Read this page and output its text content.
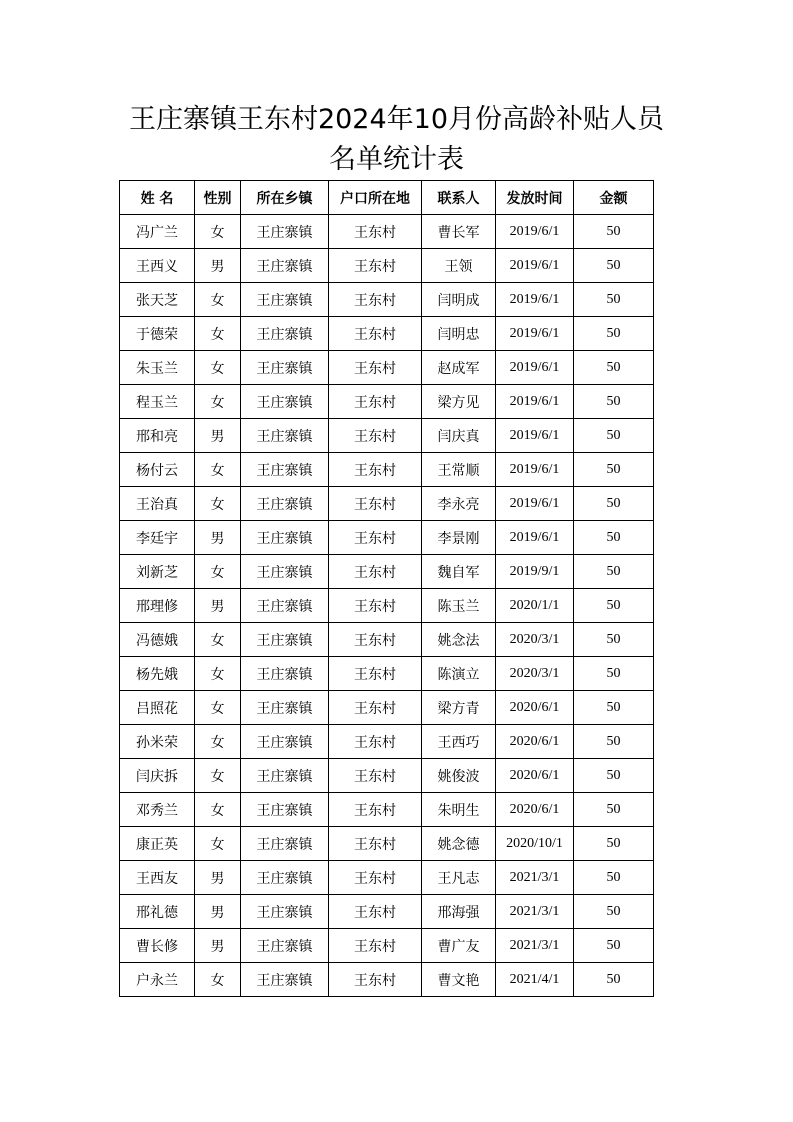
王庄寨镇王东村2024年10月份高龄补贴人员
名单统计表
姓 名	性别	所在乡镇	户口所在地	联系人	发放时间	金额
冯广兰	女	王庄寨镇	王东村	曹长军	2019/6/1	50
王西义	男	王庄寨镇	王东村	王领	2019/6/1	50
张天芝	女	王庄寨镇	王东村	闫明成	2019/6/1	50
于德荣	女	王庄寨镇	王东村	闫明忠	2019/6/1	50
朱玉兰	女	王庄寨镇	王东村	赵成军	2019/6/1	50
程玉兰	女	王庄寨镇	王东村	梁方见	2019/6/1	50
邢和亮	男	王庄寨镇	王东村	闫庆真	2019/6/1	50
杨付云	女	王庄寨镇	王东村	王常顺	2019/6/1	50
王治真	女	王庄寨镇	王东村	李永亮	2019/6/1	50
李廷宇	男	王庄寨镇	王东村	李景刚	2019/6/1	50
刘新芝	女	王庄寨镇	王东村	魏自军	2019/9/1	50
邢理修	男	王庄寨镇	王东村	陈玉兰	2020/1/1	50
冯德娥	女	王庄寨镇	王东村	姚念法	2020/3/1	50
杨先娥	女	王庄寨镇	王东村	陈演立	2020/3/1	50
吕照花	女	王庄寨镇	王东村	梁方青	2020/6/1	50
孙米荣	女	王庄寨镇	王东村	王西巧	2020/6/1	50
闫庆拆	女	王庄寨镇	王东村	姚俊波	2020/6/1	50
邓秀兰	女	王庄寨镇	王东村	朱明生	2020/6/1	50
康正英	女	王庄寨镇	王东村	姚念德	2020/10/1	50
王西友	男	王庄寨镇	王东村	王凡志	2021/3/1	50
邢礼德	男	王庄寨镇	王东村	邢海强	2021/3/1	50
曹长修	男	王庄寨镇	王东村	曹广友	2021/3/1	50
户永兰	女	王庄寨镇	王东村	曹文艳	2021/4/1	50
